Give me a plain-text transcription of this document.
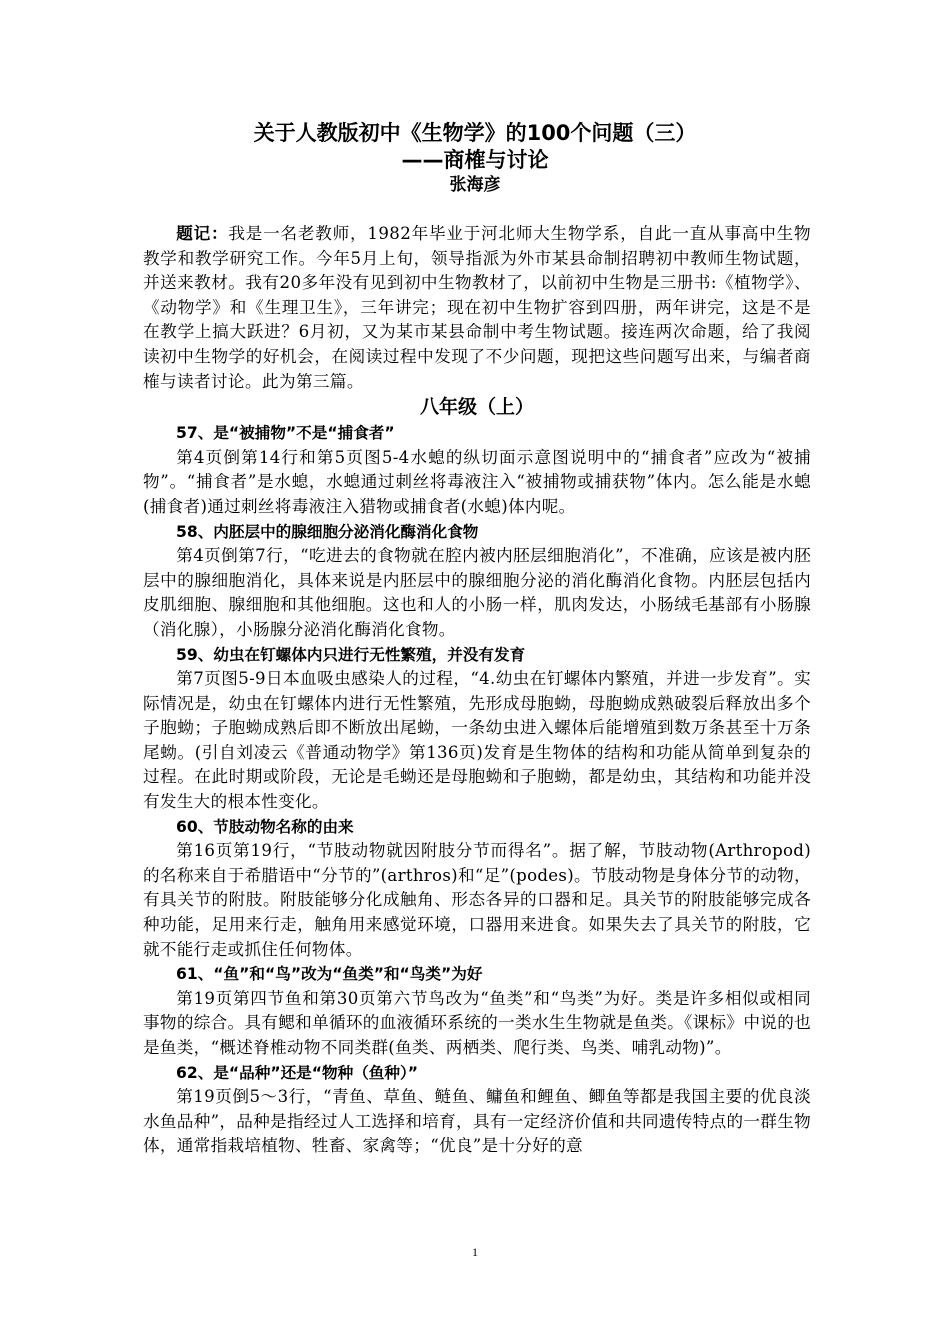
关于人教版初中《生物学》的100个问题（三）
——商榷与讨论
张海彦

题记：我是一名老教师，1982年毕业于河北师大生物学系，自此一直从事高中生物教学和教学研究工作。今年5月上旬，领导指派为外市某县命制招聘初中教师生物试题，并送来教材。我有20多年没有见到初中生物教材了，以前初中生物是三册书:《植物学》、《动物学》和《生理卫生》，三年讲完；现在初中生物扩容到四册，两年讲完，这是不是在教学上搞大跃进？6月初，又为某市某县命制中考生物试题。接连两次命题，给了我阅读初中生物学的好机会，在阅读过程中发现了不少问题，现把这些问题写出来，与编者商榷与读者讨论。此为第三篇。

八年级（上）

57、是“被捕物”不是“捕食者”

第4页倒第14行和第5页图5-4水螅的纵切面示意图说明中的“捕食者”应改为“被捕物”。“捕食者”是水螅，水螅通过刺丝将毒液注入“被捕物或捕获物”体内。怎么能是水螅(捕食者)通过刺丝将毒液注入猎物或捕食者(水螅)体内呢。

58、内胚层中的腺细胞分泌消化酶消化食物

第4页倒第7行，“吃进去的食物就在腔内被内胚层细胞消化”，不准确，应该是被内胚层中的腺细胞消化，具体来说是内胚层中的腺细胞分泌的消化酶消化食物。内胚层包括内皮肌细胞、腺细胞和其他细胞。这也和人的小肠一样，肌肉发达，小肠绒毛基部有小肠腺（消化腺），小肠腺分泌消化酶消化食物。

59、幼虫在钉螺体内只进行无性繁殖，并没有发育

第7页图5-9日本血吸虫感染人的过程，“4.幼虫在钉螺体内繁殖，并进一步发育”。实际情况是，幼虫在钉螺体内进行无性繁殖，先形成母胞蚴，母胞蚴成熟破裂后释放出多个子胞蚴；子胞蚴成熟后即不断放出尾蚴，一条幼虫进入螺体后能增殖到数万条甚至十万条尾蚴。(引自刘凌云《普通动物学》第136页)发育是生物体的结构和功能从简单到复杂的过程。在此时期或阶段，无论是毛蚴还是母胞蚴和子胞蚴，都是幼虫，其结构和功能并没有发生大的根本性变化。

60、节肢动物名称的由来

第16页第19行，“节肢动物就因附肢分节而得名”。据了解，节肢动物(Arthropod)的名称来自于希腊语中“分节的”(arthros)和“足”(podes)。节肢动物是身体分节的动物，有具关节的附肢。附肢能够分化成触角、形态各异的口器和足。具关节的附肢能够完成各种功能，足用来行走，触角用来感觉环境，口器用来进食。如果失去了具关节的附肢，它就不能行走或抓住任何物体。

61、“鱼”和“鸟”改为“鱼类”和“鸟类”为好

第19页第四节鱼和第30页第六节鸟改为“鱼类”和“鸟类”为好。类是许多相似或相同事物的综合。具有鳃和单循环的血液循环系统的一类水生生物就是鱼类。《课标》中说的也是鱼类，“概述脊椎动物不同类群(鱼类、两栖类、爬行类、鸟类、哺乳动物)”。

62、是“品种”还是“物种（鱼种）”

第19页倒5～3行，“青鱼、草鱼、鲢鱼、鳙鱼和鲤鱼、鲫鱼等都是我国主要的优良淡水鱼品种”，品种是指经过人工选择和培育，具有一定经济价值和共同遗传特点的一群生物体，通常指栽培植物、牲畜、家禽等；“优良”是十分好的意

1
